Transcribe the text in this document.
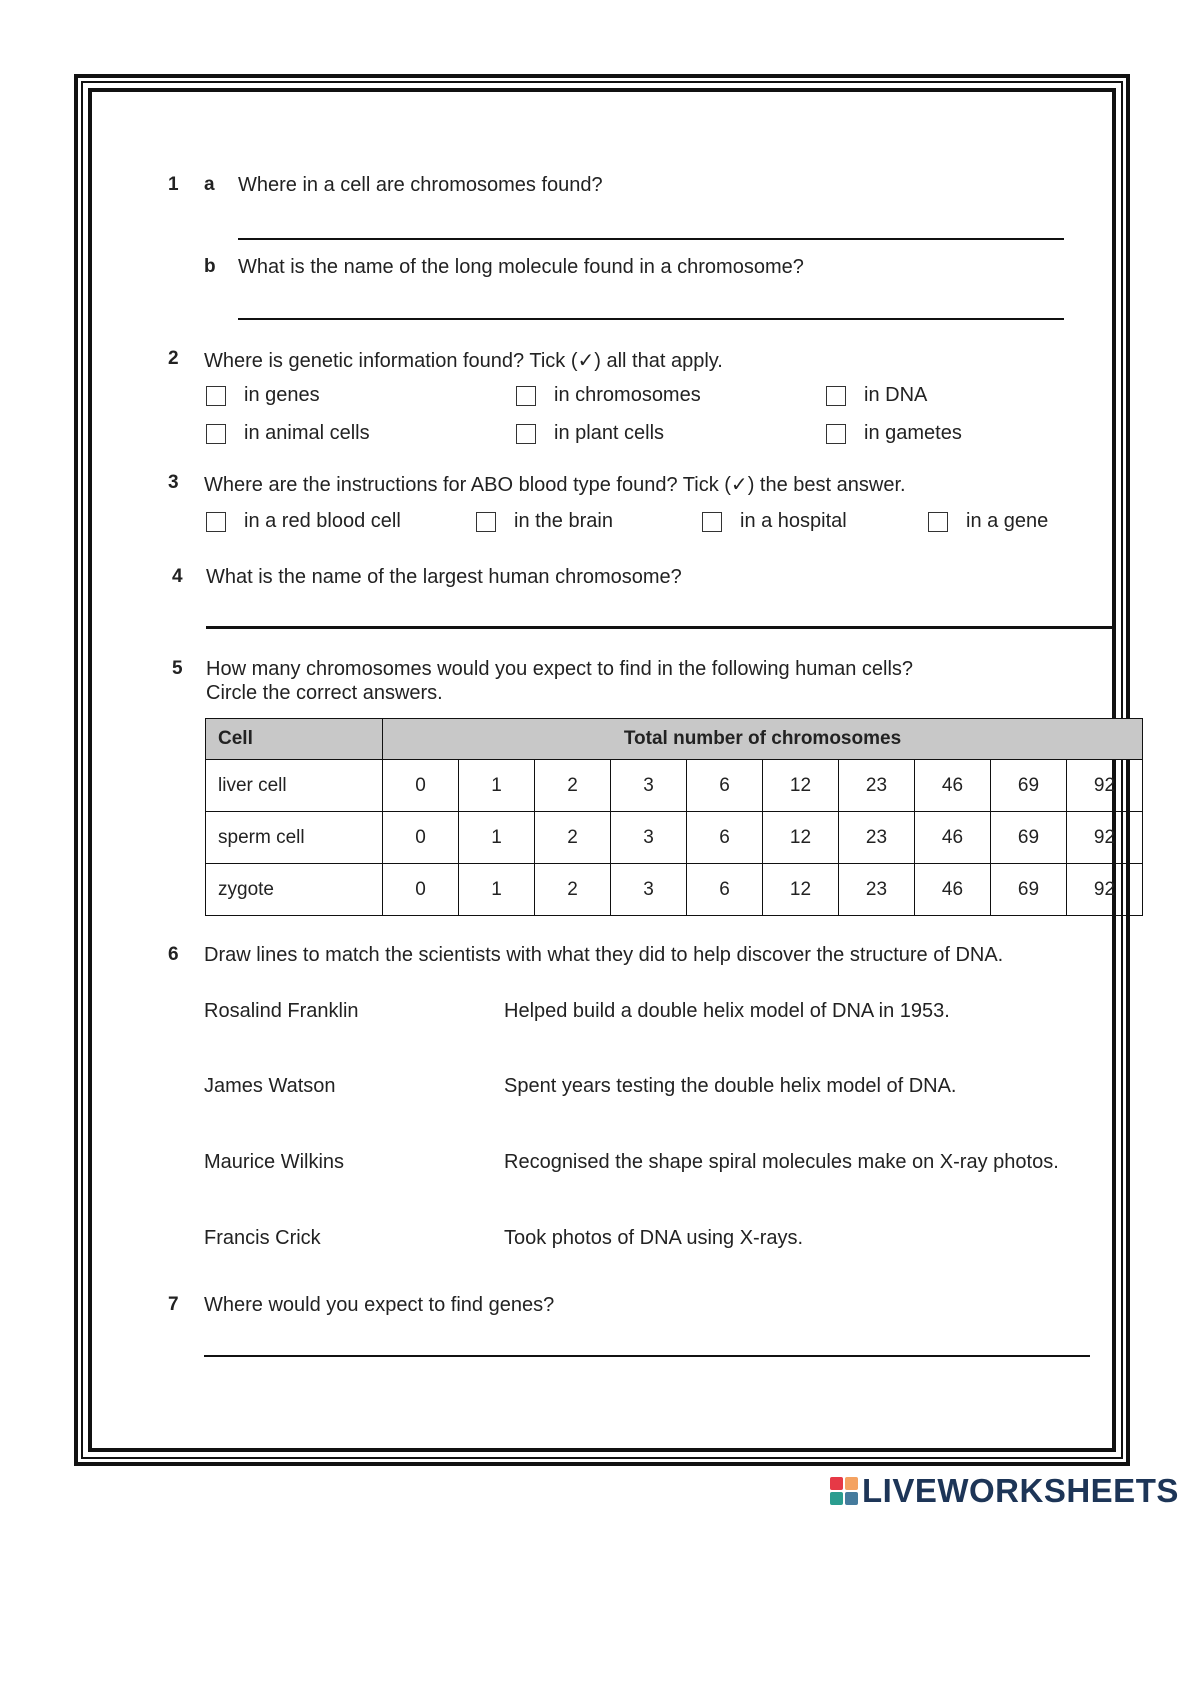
1 a Where in a cell are chromosomes found?
b What is the name of the long molecule found in a chromosome?
2 Where is genetic information found? Tick (✓) all that apply.
in genes	in chromosomes	in DNA
in animal cells	in plant cells	in gametes
3 Where are the instructions for ABO blood type found? Tick (✓) the best answer.
in a red blood cell	in the brain	in a hospital	in a gene
4 What is the name of the largest human chromosome?
5 How many chromosomes would you expect to find in the following human cells?
Circle the correct answers.
Cell	Total number of chromosomes									
liver cell	0	1	2	3	6	12	23	46	69	92
sperm cell	0	1	2	3	6	12	23	46	69	92
zygote	0	1	2	3	6	12	23	46	69	92
6 Draw lines to match the scientists with what they did to help discover the structure of DNA.
Rosalind Franklin
James Watson
Maurice Wilkins
Francis Crick
Helped build a double helix model of DNA in 1953.
Spent years testing the double helix model of DNA.
Recognised the shape spiral molecules make on X-ray photos.
Took photos of DNA using X-rays.
7 Where would you expect to find genes?
LIVEWORKSHEETS
